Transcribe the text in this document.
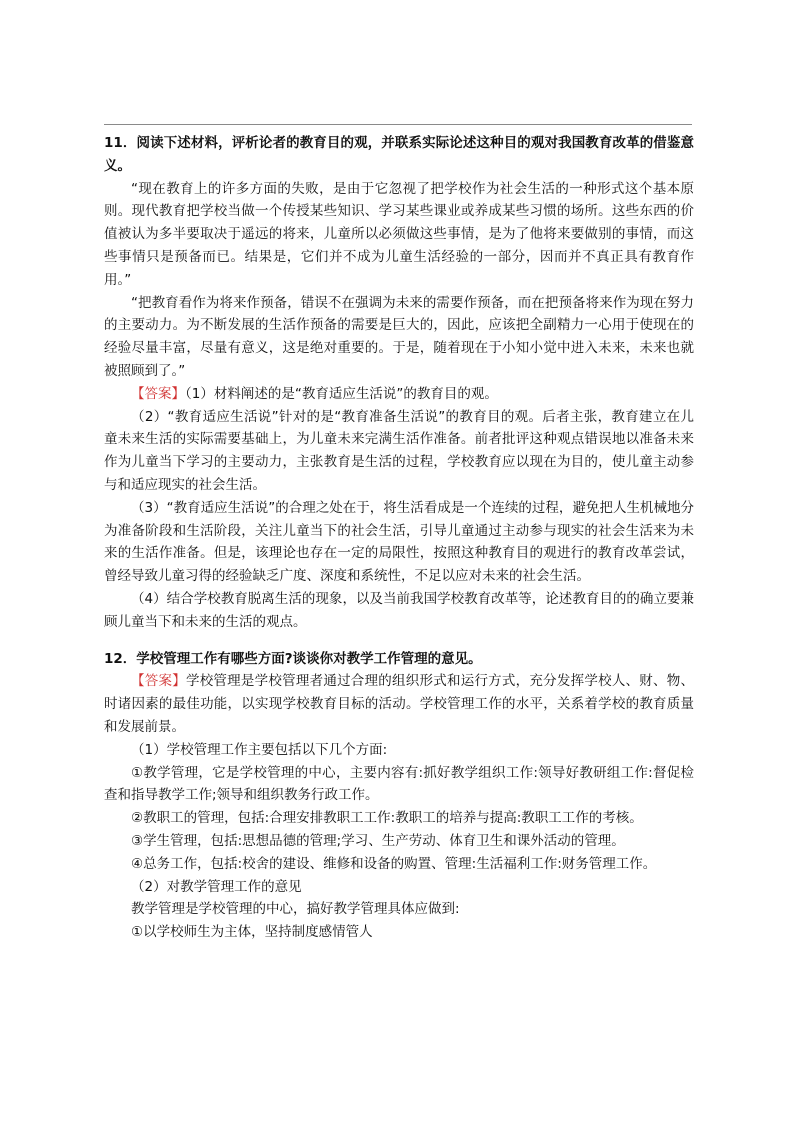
11．阅读下述材料，评析论者的教育目的观，并联系实际论述这种目的观对我国教育改革的借鉴意义。

“现在教育上的许多方面的失败，是由于它忽视了把学校作为社会生活的一种形式这个基本原则。现代教育把学校当做一个传授某些知识、学习某些课业或养成某些习惯的场所。这些东西的价值被认为多半要取决于遥远的将来，儿童所以必须做这些事情，是为了他将来要做别的事情，而这些事情只是预备而已。结果是，它们并不成为儿童生活经验的一部分，因而并不真正具有教育作用。”

“把教育看作为将来作预备，错误不在强调为未来的需要作预备，而在把预备将来作为现在努力的主要动力。为不断发展的生活作预备的需要是巨大的，因此，应该把全副精力一心用于使现在的经验尽量丰富，尽量有意义，这是绝对重要的。于是，随着现在于小知小觉中进入未来，未来也就被照顾到了。”

【答案】（1）材料阐述的是“教育适应生活说”的教育目的观。

（2）“教育适应生活说”针对的是“教育准备生活说”的教育目的观。后者主张，教育建立在儿童未来生活的实际需要基础上，为儿童未来完满生活作准备。前者批评这种观点错误地以准备未来作为儿童当下学习的主要动力，主张教育是生活的过程，学校教育应以现在为目的，使儿童主动参与和适应现实的社会生活。

（3）“教育适应生活说”的合理之处在于，将生活看成是一个连续的过程，避免把人生机械地分为准备阶段和生活阶段，关注儿童当下的社会生活，引导儿童通过主动参与现实的社会生活来为未来的生活作准备。但是，该理论也存在一定的局限性，按照这种教育目的观进行的教育改革尝试，曾经导致儿童习得的经验缺乏广度、深度和系统性，不足以应对未来的社会生活。

（4）结合学校教育脱离生活的现象，以及当前我国学校教育改革等，论述教育目的的确立要兼顾儿童当下和未来的生活的观点。

12．学校管理工作有哪些方面?谈谈你对教学工作管理的意见。

【答案】学校管理是学校管理者通过合理的组织形式和运行方式，充分发挥学校人、财、物、时诸因素的最佳功能，以实现学校教育目标的活动。学校管理工作的水平，关系着学校的教育质量和发展前景。

（1）学校管理工作主要包括以下几个方面:

①教学管理，它是学校管理的中心，主要内容有:抓好教学组织工作:领导好教研组工作:督促检查和指导教学工作;领导和组织教务行政工作。

②教职工的管理，包括:合理安排教职工工作:教职工的培养与提高:教职工工作的考核。

③学生管理，包括:思想品德的管理;学习、生产劳动、体育卫生和课外活动的管理。

④总务工作，包括:校舍的建设、维修和设备的购置、管理:生活福利工作:财务管理工作。

（2）对教学管理工作的意见

教学管理是学校管理的中心，搞好教学管理具体应做到:

①以学校师生为主体，坚持制度感情管人
